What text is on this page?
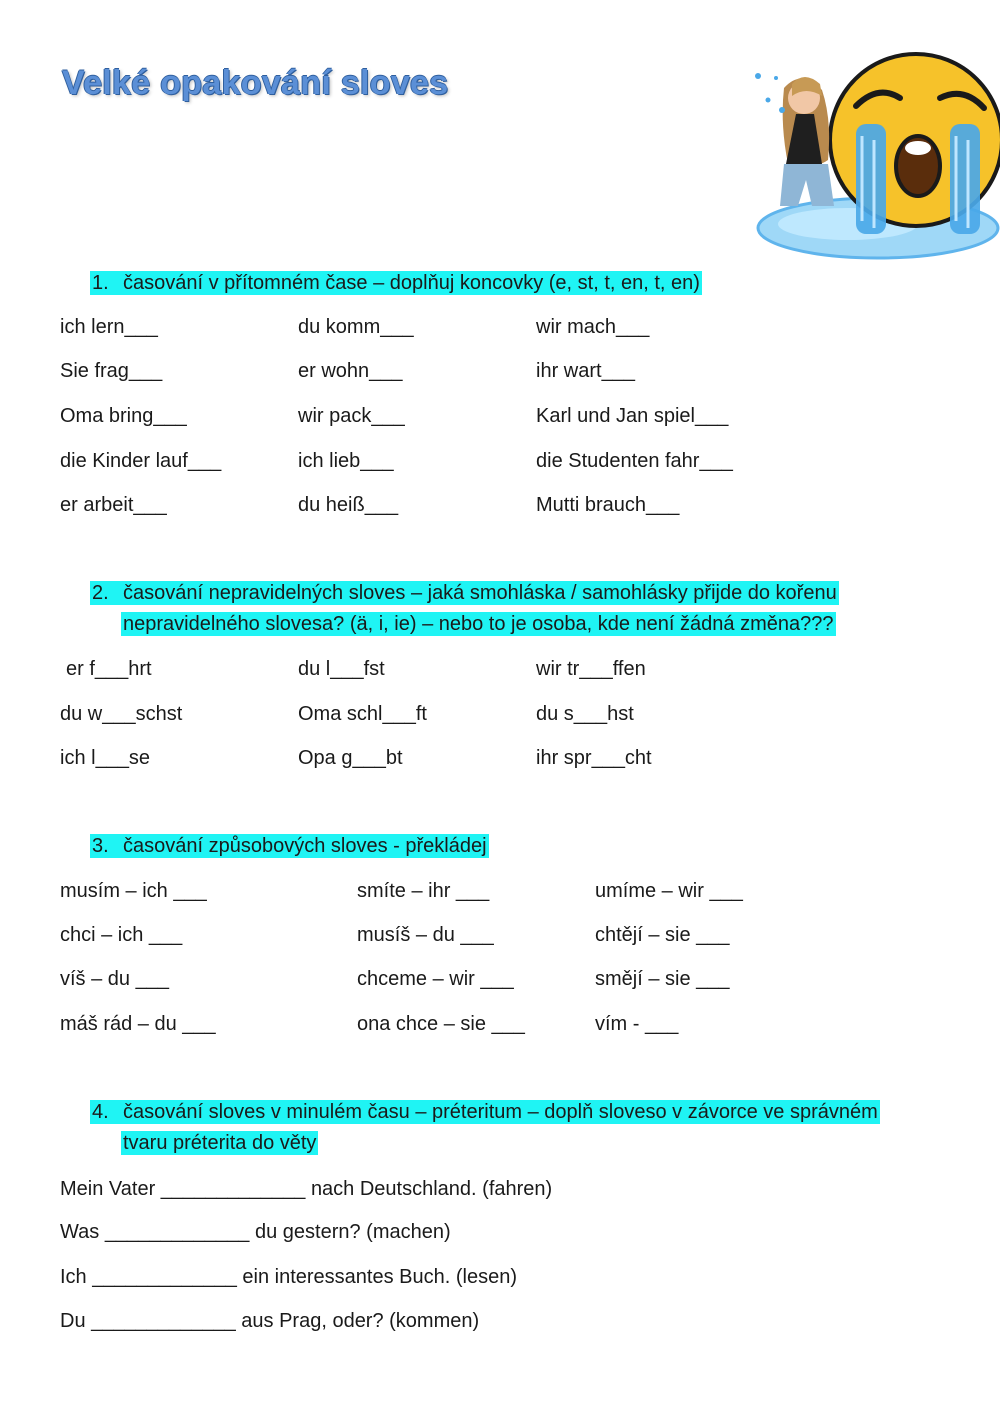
Velké opakování sloves
1. časování v přítomném čase – doplňuj koncovky (e, st, t, en, t, en)
ich lern___	du komm___	wir mach___
Sie frag___	er wohn___	ihr wart___
Oma bring___	wir pack___	Karl und Jan spiel___
die Kinder lauf___	ich lieb___	die Studenten fahr___
er arbeit___	du heiß___	Mutti brauch___
2. časování nepravidelných sloves – jaká smohláska / samohlásky přijde do kořenu
nepravidelného slovesa? (ä, i, ie) – nebo to je osoba, kde není žádná změna???
er f___hrt	du l___fst	wir tr___ffen
du w___schst	Oma schl___ft	du s___hst
ich l___se	Opa g___bt	ihr spr___cht
3. časování způsobových sloves - překládej
musím – ich ___	smíte – ihr ___	umíme – wir ___
chci – ich ___	musíš – du ___	chtějí – sie ___
víš – du ___	chceme – wir ___	smějí – sie ___
máš rád – du ___	ona chce – sie ___	vím - ___
4. časování sloves v minulém času – préteritum – doplň sloveso v závorce ve správném
tvaru préterita do věty
Mein Vater _____________ nach Deutschland. (fahren)
Was _____________ du gestern? (machen)
Ich _____________ ein interessantes Buch. (lesen)
Du _____________ aus Prag, oder? (kommen)
